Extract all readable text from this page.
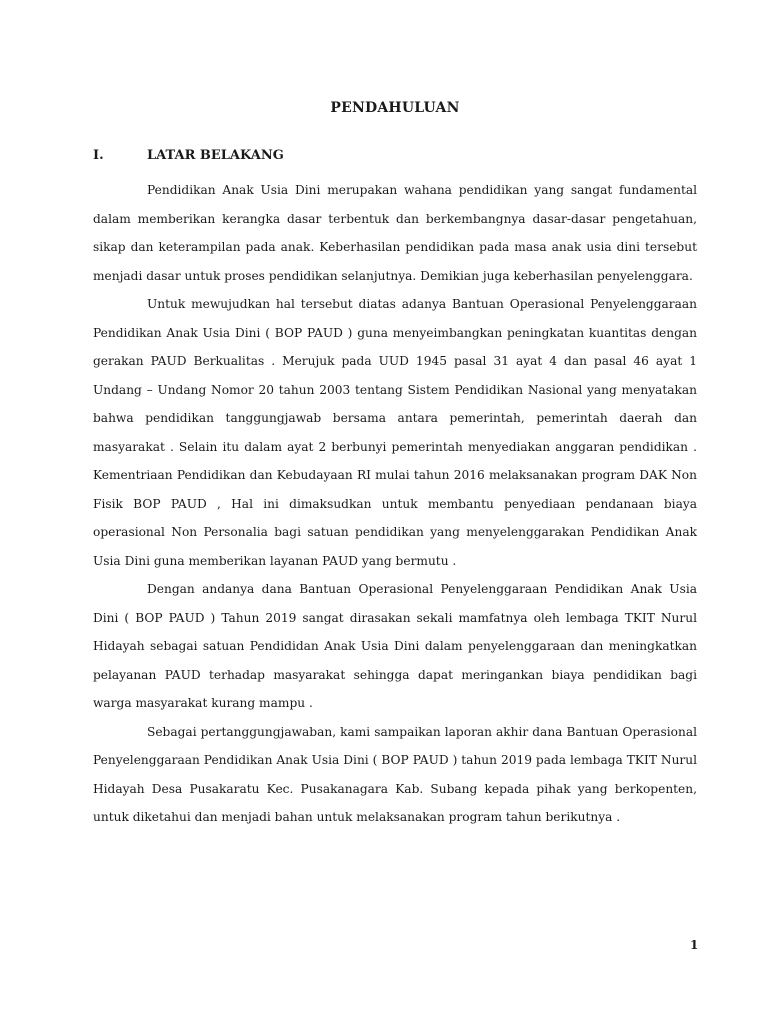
PENDAHULUAN
I.	LATAR BELAKANG

Pendidikan Anak Usia Dini merupakan wahana pendidikan yang sangat fundamental dalam memberikan kerangka dasar terbentuk dan berkembangnya dasar-dasar pengetahuan, sikap dan keterampilan pada anak. Keberhasilan pendidikan pada masa anak usia dini tersebut menjadi dasar untuk proses pendidikan selanjutnya. Demikian juga keberhasilan penyelenggara.

Untuk mewujudkan hal tersebut diatas adanya Bantuan Operasional Penyelenggaraan Pendidikan Anak Usia Dini ( BOP PAUD ) guna menyeimbangkan peningkatan kuantitas dengan gerakan PAUD Berkualitas . Merujuk pada UUD 1945 pasal 31 ayat 4 dan pasal 46 ayat 1 Undang – Undang Nomor 20 tahun 2003 tentang Sistem Pendidikan Nasional yang menyatakan bahwa pendidikan tanggungjawab bersama antara pemerintah, pemerintah daerah dan masyarakat . Selain itu dalam ayat 2 berbunyi pemerintah menyediakan anggaran pendidikan . Kementriaan Pendidikan dan Kebudayaan RI mulai tahun 2016 melaksanakan program DAK Non Fisik BOP PAUD , Hal ini dimaksudkan untuk membantu penyediaan pendanaan biaya operasional Non Personalia bagi satuan pendidikan yang menyelenggarakan Pendidikan Anak Usia Dini guna memberikan layanan PAUD yang bermutu .

Dengan andanya dana Bantuan Operasional Penyelenggaraan Pendidikan Anak Usia Dini ( BOP PAUD ) Tahun 2019 sangat dirasakan sekali mamfatnya oleh lembaga TKIT Nurul Hidayah sebagai satuan Pendididan Anak Usia Dini dalam penyelenggaraan dan meningkatkan pelayanan PAUD terhadap masyarakat sehingga dapat meringankan biaya pendidikan bagi warga masyarakat kurang mampu .

Sebagai pertanggungjawaban, kami sampaikan laporan akhir dana Bantuan Operasional Penyelenggaraan Pendidikan Anak Usia Dini ( BOP PAUD ) tahun 2019 pada lembaga TKIT Nurul Hidayah Desa Pusakaratu Kec. Pusakanagara Kab. Subang kepada pihak yang berkopenten, untuk diketahui dan menjadi bahan untuk melaksanakan program tahun berikutnya .

1
